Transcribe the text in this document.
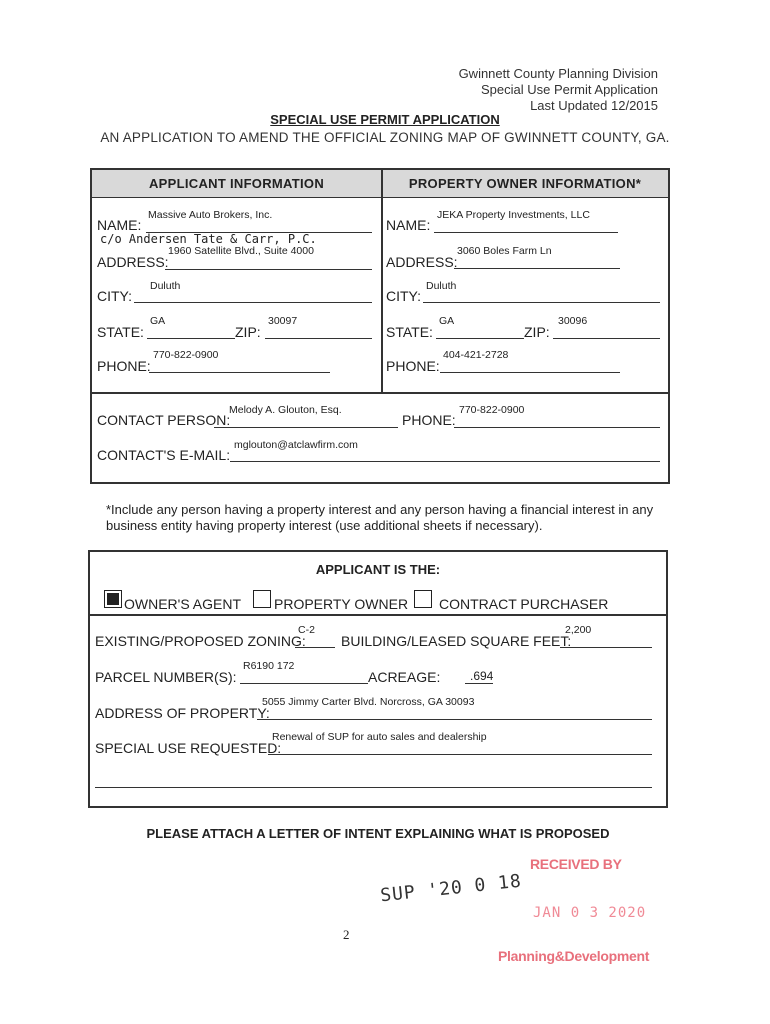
Gwinnett County Planning Division
Special Use Permit Application
Last Updated 12/2015
SPECIAL USE PERMIT APPLICATION
AN APPLICATION TO AMEND THE OFFICIAL ZONING MAP OF GWINNETT COUNTY, GA.
APPLICANT INFORMATION	PROPERTY OWNER INFORMATION*
NAME:
Massive Auto Brokers, Inc.
c/o Andersen Tate & Carr, P.C.
ADDRESS:
1960 Satellite Blvd., Suite 4000
CITY:
Duluth
STATE:
GA
ZIP:
30097
PHONE:
770-822-0900
NAME:
JEKA Property Investments, LLC
ADDRESS:
3060 Boles Farm Ln
CITY:
Duluth
STATE:
GA
ZIP:
30096
PHONE:
404-421-2728
CONTACT PERSON:
Melody A. Glouton, Esq.
PHONE:
770-822-0900
CONTACT'S E-MAIL:
mglouton@atclawfirm.com
*Include any person having a property interest and any person having a financial interest in any business entity having property interest (use additional sheets if necessary).
APPLICANT IS THE:
OWNER'S AGENT PROPERTY OWNER CONTRACT PURCHASER
EXISTING/PROPOSED ZONING:
C-2
BUILDING/LEASED SQUARE FEET:
2,200
PARCEL NUMBER(S):
R6190 172
ACREAGE: .694
ADDRESS OF PROPERTY:
5055 Jimmy Carter Blvd. Norcross, GA 30093
SPECIAL USE REQUESTED:
Renewal of SUP for auto sales and dealership
PLEASE ATTACH A LETTER OF INTENT EXPLAINING WHAT IS PROPOSED
SUP '20 0 18
RECEIVED BY
JAN 0 3 2020
Planning&Development
2
